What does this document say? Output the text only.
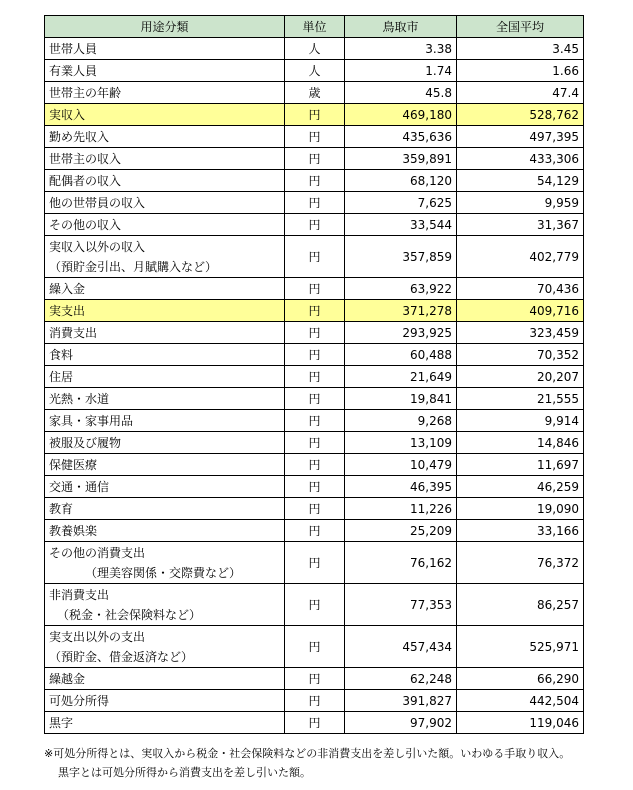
用途分類	単位	鳥取市	全国平均
世帯人員	人	3.38	3.45
有業人員	人	1.74	1.66
世帯主の年齢	歳	45.8	47.4
実収入	円	469,180	528,762
勤め先収入	円	435,636	497,395
世帯主の収入	円	359,891	433,306
配偶者の収入	円	68,120	54,129
他の世帯員の収入	円	7,625	9,959
その他の収入	円	33,544	31,367
実収入以外の収入
（預貯金引出、月賦購入など）	円	357,859	402,779
繰入金	円	63,922	70,436
実支出	円	371,278	409,716
消費支出	円	293,925	323,459
食料	円	60,488	70,352
住居	円	21,649	20,207
光熱・水道	円	19,841	21,555
家具・家事用品	円	9,268	9,914
被服及び履物	円	13,109	14,846
保健医療	円	10,479	11,697
交通・通信	円	46,395	46,259
教育	円	11,226	19,090
教養娯楽	円	25,209	33,166
その他の消費支出
（理美容関係・交際費など）	円	76,162	76,372
非消費支出
（税金・社会保険料など）	円	77,353	86,257
実支出以外の支出
（預貯金、借金返済など）	円	457,434	525,971
繰越金	円	62,248	66,290
可処分所得	円	391,827	442,504
黒字	円	97,902	119,046
※可処分所得とは、実収入から税金・社会保険料などの非消費支出を差し引いた額。いわゆる手取り収入。
黒字とは可処分所得から消費支出を差し引いた額。
